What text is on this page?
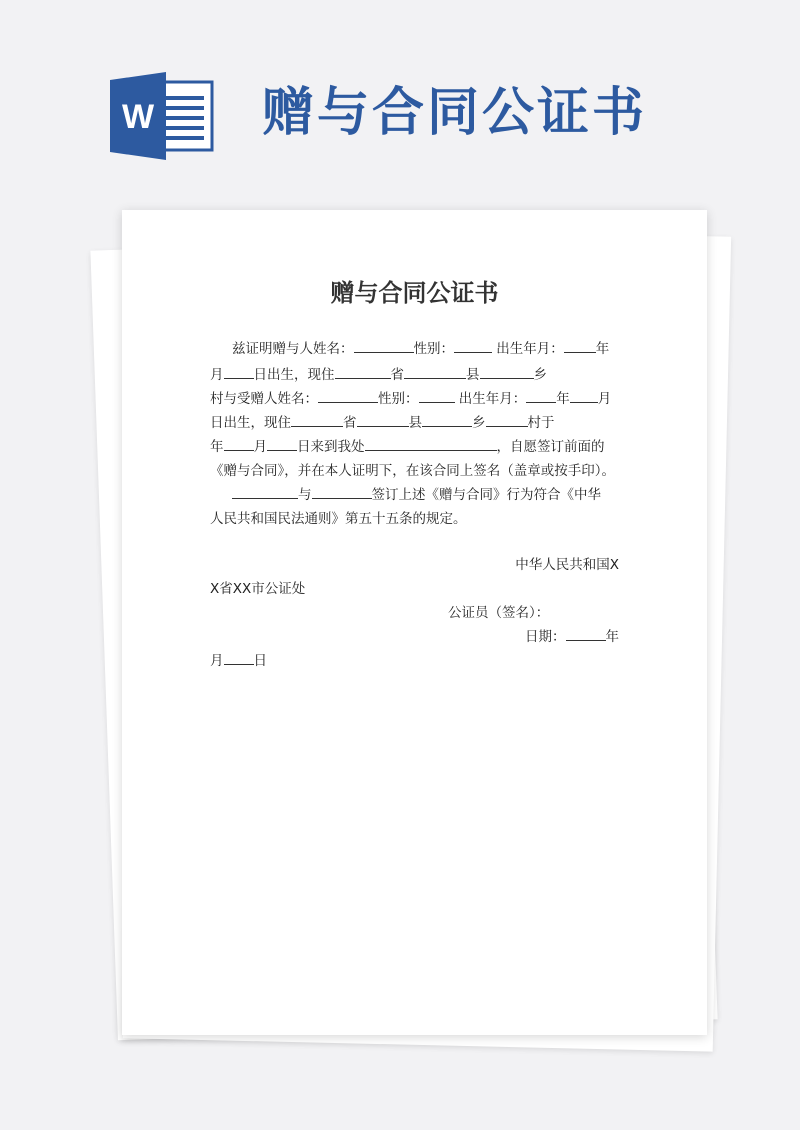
W 赠与合同公证书
赠与合同公证书
兹证明赠与人姓名：	性别：	出生年月： 年
月 日出生，现住	省	县	乡
村与受赠人姓名：	性别：	出生年月： 年 月
日出生，现住	省	县	乡	村于
年 月 日来到我处	，自愿签订前面的
《赠与合同》，并在本人证明下，在该合同上签名（盖章或按手印）。
与	签订上述《赠与合同》行为符合《中华
人民共和国民法通则》第五十五条的规定。
中华人民共和国X
X省XX市公证处
公证员（签名）：
日期：	年
月 日
